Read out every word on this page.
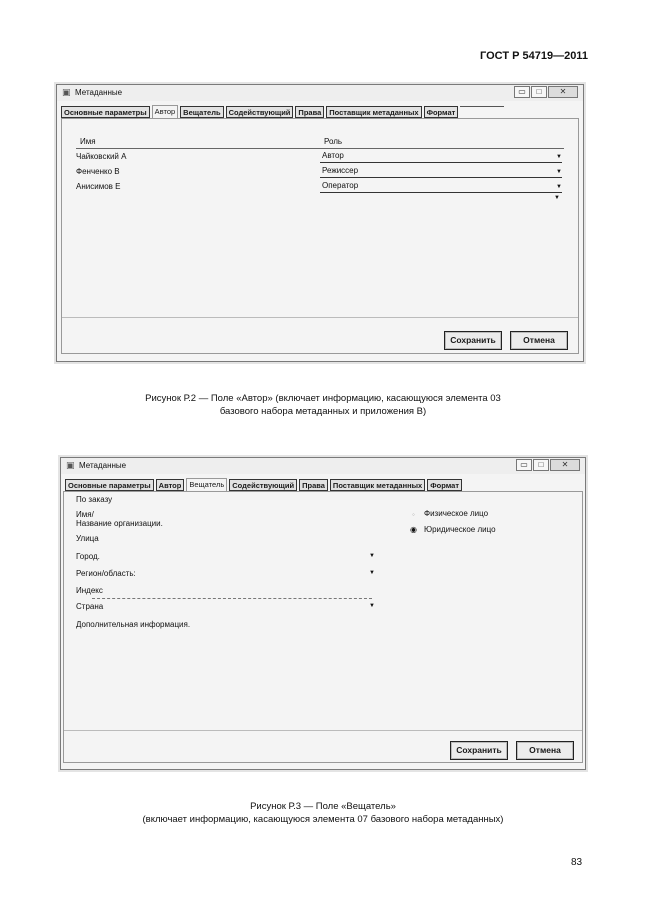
ГОСТ Р 54719—2011
▣ Метаданные	▭	□	✕
Основные параметры	Автор	Вещатель	Содействующий	Права	Поставщик метаданных	Формат
Имя	Роль
Чайковский А	Автор	▼
Фенченко В	Режиссер	▼
Анисимов Е	Оператор	▼
▼
Сохранить	Отмена
Рисунок Р.2 — Поле «Автор» (включает информацию, касающуюся элемента 03
базового набора метаданных и приложения В)
▣ Метаданные	▭	□	✕
Основные параметры	Автор	Вещатель	Содействующий	Права	Поставщик метаданных	Формат
По заказу
Имя/
Название организации.
Улица
Город.	▼
Регион/область:	▼
Индекс
Страна	▼
Дополнительная информация.
◦ Физическое лицо
◉ Юридическое лицо
Сохранить	Отмена
Рисунок Р.3 — Поле «Вещатель»
(включает информацию, касающуюся элемента 07 базового набора метаданных)
83
